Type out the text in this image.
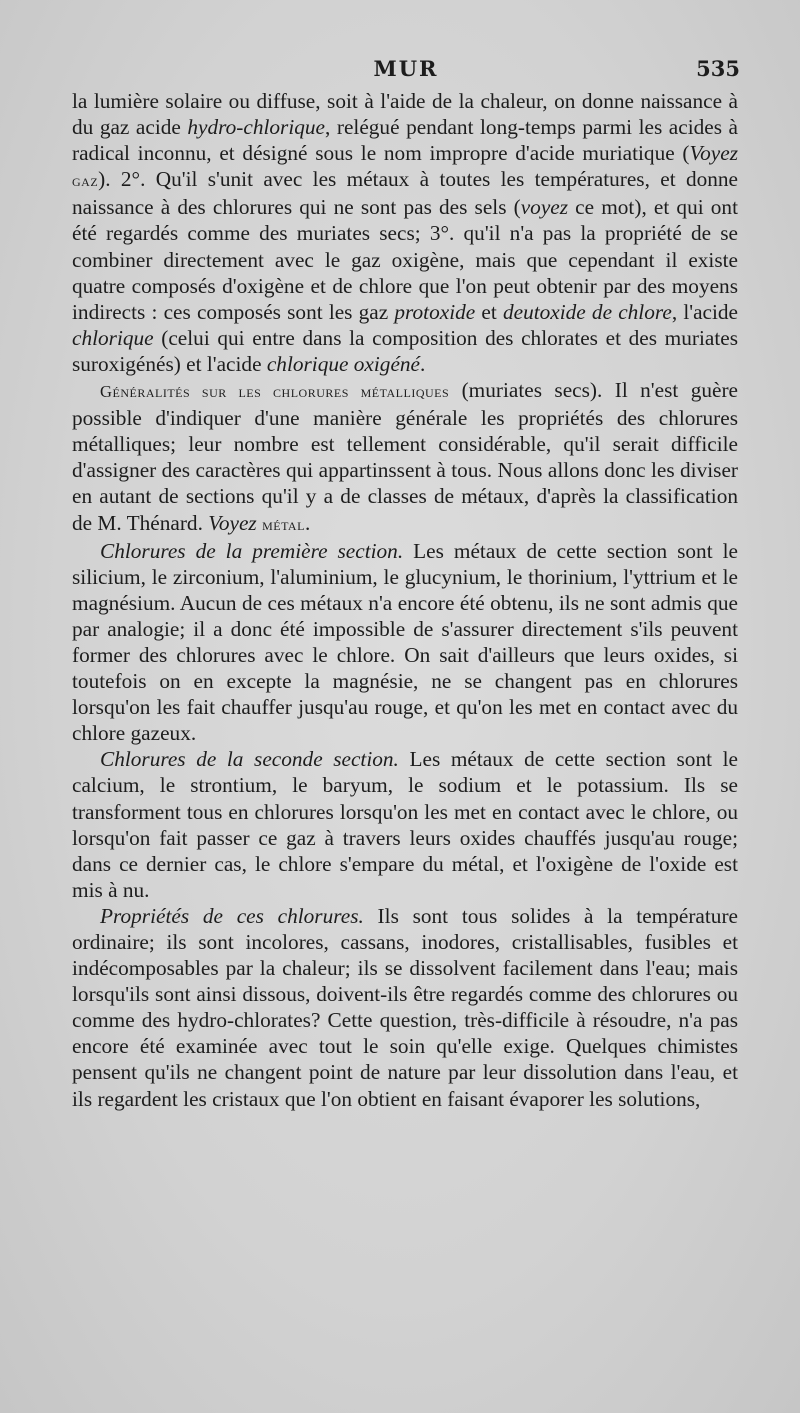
MUR	535

la lumière solaire ou diffuse, soit à l'aide de la chaleur, on donne naissance à du gaz acide hydro-chlorique, relégué pendant long-temps parmi les acides à radical inconnu, et désigné sous le nom impropre d'acide muriatique (Voyez gaz). 2°. Qu'il s'unit avec les métaux à toutes les températures, et donne naissance à des chlorures qui ne sont pas des sels (voyez ce mot), et qui ont été regardés comme des muriates secs; 3°. qu'il n'a pas la propriété de se combiner directement avec le gaz oxigène, mais que cependant il existe quatre composés d'oxigène et de chlore que l'on peut obtenir par des moyens indirects : ces composés sont les gaz protoxide et deutoxide de chlore, l'acide chlorique (celui qui entre dans la composition des chlorates et des muriates suroxigénés) et l'acide chlorique oxigéné.

Généralités sur les chlorures métalliques (muriates secs). Il n'est guère possible d'indiquer d'une manière générale les propriétés des chlorures métalliques; leur nombre est tellement considérable, qu'il serait difficile d'assigner des caractères qui appartinssent à tous. Nous allons donc les diviser en autant de sections qu'il y a de classes de métaux, d'après la classification de M. Thénard. Voyez métal.

Chlorures de la première section. Les métaux de cette section sont le silicium, le zirconium, l'aluminium, le glucynium, le thorinium, l'yttrium et le magnésium. Aucun de ces métaux n'a encore été obtenu, ils ne sont admis que par analogie; il a donc été impossible de s'assurer directement s'ils peuvent former des chlorures avec le chlore. On sait d'ailleurs que leurs oxides, si toutefois on en excepte la magnésie, ne se changent pas en chlorures lorsqu'on les fait chauffer jusqu'au rouge, et qu'on les met en contact avec du chlore gazeux.

Chlorures de la seconde section. Les métaux de cette section sont le calcium, le strontium, le baryum, le sodium et le potassium. Ils se transforment tous en chlorures lorsqu'on les met en contact avec le chlore, ou lorsqu'on fait passer ce gaz à travers leurs oxides chauffés jusqu'au rouge; dans ce dernier cas, le chlore s'empare du métal, et l'oxigène de l'oxide est mis à nu.

Propriétés de ces chlorures. Ils sont tous solides à la température ordinaire; ils sont incolores, cassans, inodores, cristallisables, fusibles et indécomposables par la chaleur; ils se dissolvent facilement dans l'eau; mais lorsqu'ils sont ainsi dissous, doivent-ils être regardés comme des chlorures ou comme des hydro-chlorates? Cette question, très-difficile à résoudre, n'a pas encore été examinée avec tout le soin qu'elle exige. Quelques chimistes pensent qu'ils ne changent point de nature par leur dissolution dans l'eau, et ils regardent les cristaux que l'on obtient en faisant évaporer les solutions,
